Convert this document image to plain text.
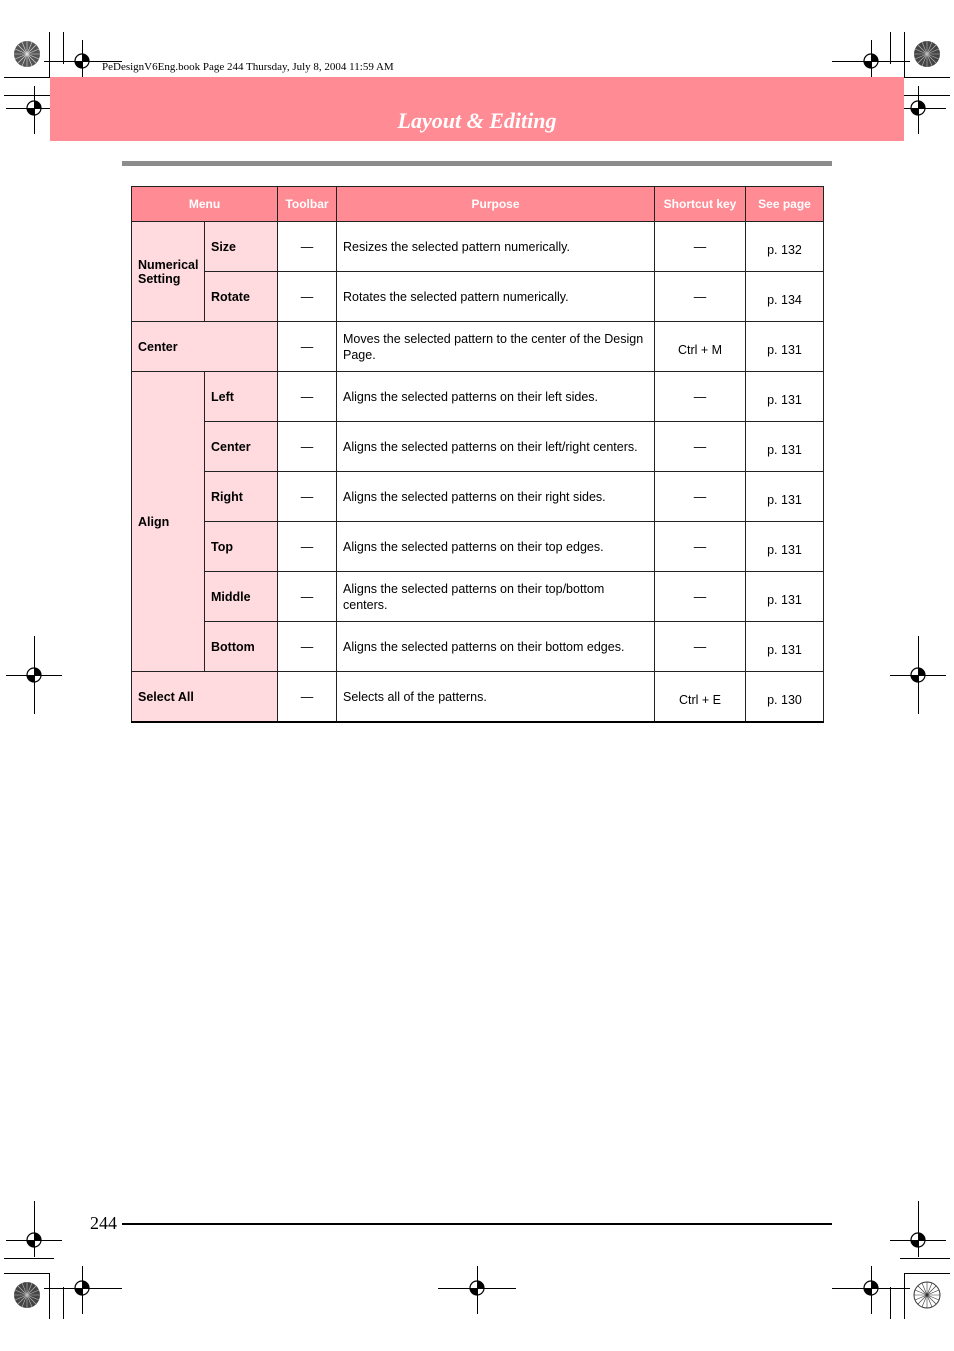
PeDesignV6Eng.book Page 244 Thursday, July 8, 2004 11:59 AM
Layout & Editing
Menu		Toolbar	Purpose	Shortcut key	See page
Numerical Setting	Size	—	Resizes the selected pattern numerically.	—	p. 132
	Rotate	—	Rotates the selected pattern numerically.	—	p. 134
Center		—	Moves the selected pattern to the center of the Design Page.	Ctrl + M	p. 131
Align	Left	—	Aligns the selected patterns on their left sides.	—	p. 131
	Center	—	Aligns the selected patterns on their left/right centers.	—	p. 131
	Right	—	Aligns the selected patterns on their right sides.	—	p. 131
	Top	—	Aligns the selected patterns on their top edges.	—	p. 131
	Middle	—	Aligns the selected patterns on their top/bottom centers.	—	p. 131
	Bottom	—	Aligns the selected patterns on their bottom edges.	—	p. 131
Select All		—	Selects all of the patterns.	Ctrl + E	p. 130
244
